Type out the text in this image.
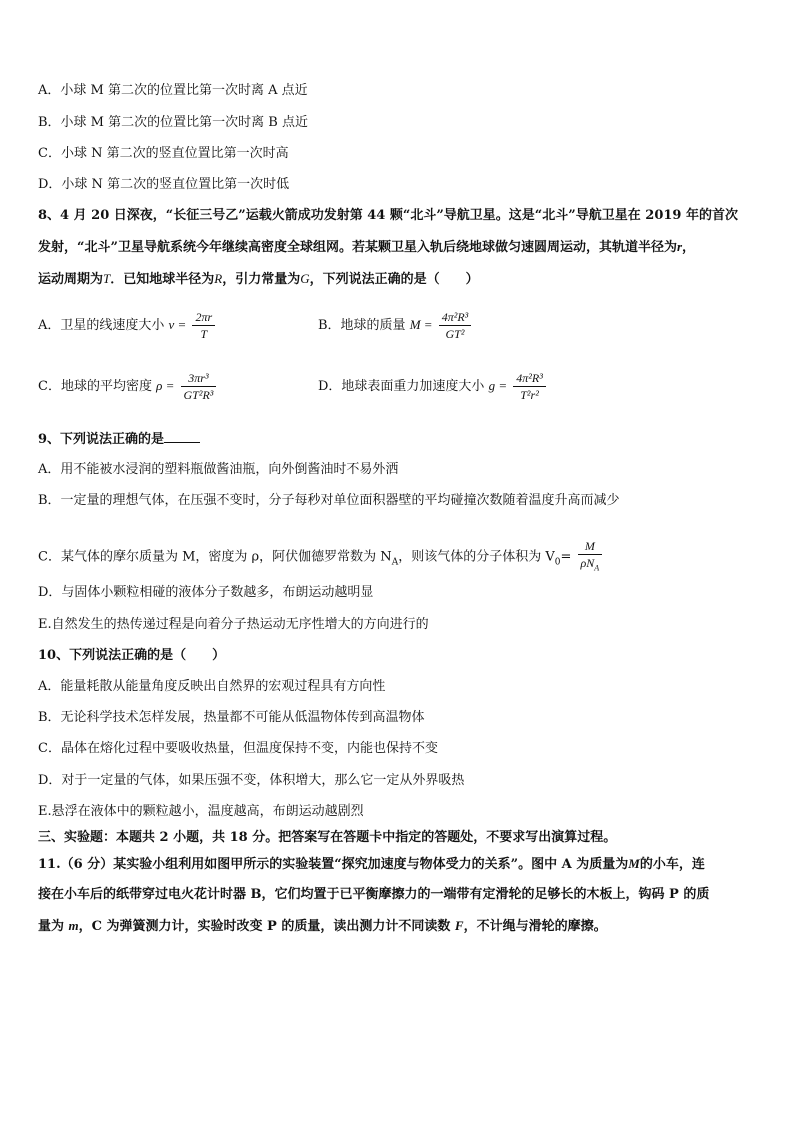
A．小球 M 第二次的位置比第一次时离 A 点近
B．小球 M 第二次的位置比第一次时离 B 点近
C．小球 N 第二次的竖直位置比第一次时高
D．小球 N 第二次的竖直位置比第一次时低
8、4 月 20 日深夜，“长征三号乙”运载火箭成功发射第 44 颗“北斗”导航卫星。这是“北斗”导航卫星在 2019 年的首次
发射，“北斗”卫星导航系统今年继续高密度全球组网。若某颗卫星入轨后绕地球做匀速圆周运动，其轨道半径为r，
运动周期为T．已知地球半径为R，引力常量为G，下列说法正确的是（　　）
A．卫星的线速度大小 $v = \frac{2\pi r}{T}$	B．地球的质量 $M = \frac{\text{4π²R³}}{\text{GT²}}$
C．地球的平均密度 $\rho = \frac{\text{3πr³}}{\text{GT²R³}}$	D．地球表面重力加速度大小 $g = \frac{\text{4π²R³}}{\text{T²r²}}$
9、下列说法正确的是
A．用不能被水浸润的塑料瓶做酱油瓶，向外倒酱油时不易外洒
B．一定量的理想气体，在压强不变时，分子每秒对单位面积器壁的平均碰撞次数随着温度升高而减少
C．某气体的摩尔质量为 M，密度为 ρ，阿伏伽德罗常数为 $N_A$，则该气体的分子体积为 $V_0= \frac{M}{\rho N_A}$
D．与固体小颗粒相碰的液体分子数越多，布朗运动越明显
E.自然发生的热传递过程是向着分子热运动无序性增大的方向进行的
10、下列说法正确的是（　　）
A．能量耗散从能量角度反映出自然界的宏观过程具有方向性
B．无论科学技术怎样发展，热量都不可能从低温物体传到高温物体
C．晶体在熔化过程中要吸收热量，但温度保持不变，内能也保持不变
D．对于一定量的气体，如果压强不变，体积增大，那么它一定从外界吸热
E.悬浮在液体中的颗粒越小，温度越高，布朗运动越剧烈
三、实验题：本题共 2 小题，共 18 分。把答案写在答题卡中指定的答题处，不要求写出演算过程。
11.（6 分）某实验小组利用如图甲所示的实验装置“探究加速度与物体受力的关系”。图中 A 为质量为M的小车，连
接在小车后的纸带穿过电火花计时器 B，它们均置于已平衡摩擦力的一端带有定滑轮的足够长的木板上，钩码 P 的质
量为 m，C 为弹簧测力计，实验时改变 P 的质量，读出测力计不同读数 F，不计绳与滑轮的摩擦。
